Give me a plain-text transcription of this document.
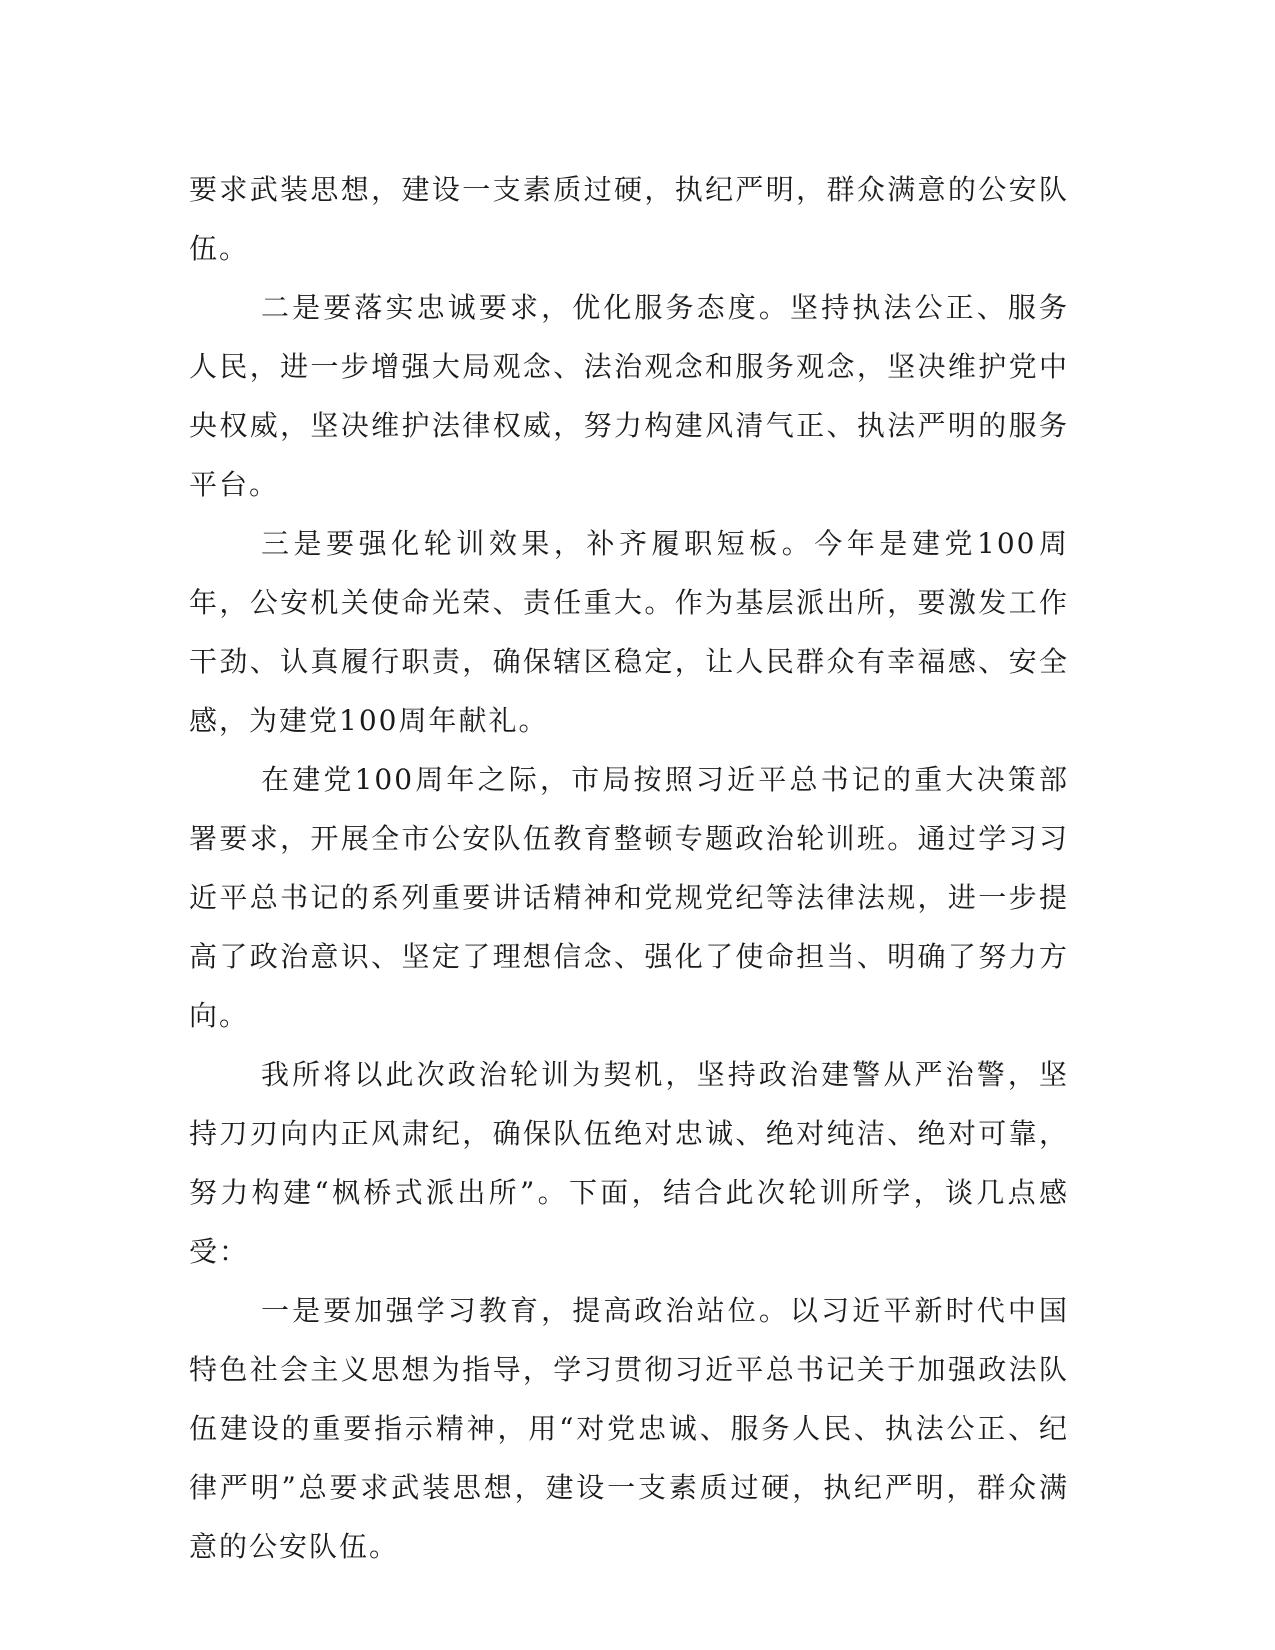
要求武装思想，建设一支素质过硬，执纪严明，群众满意的公安队伍。

二是要落实忠诚要求，优化服务态度。坚持执法公正、服务人民，进一步增强大局观念、法治观念和服务观念，坚决维护党中央权威，坚决维护法律权威，努力构建风清气正、执法严明的服务平台。

三是要强化轮训效果，补齐履职短板。今年是建党100周年，公安机关使命光荣、责任重大。作为基层派出所，要激发工作干劲、认真履行职责，确保辖区稳定，让人民群众有幸福感、安全感，为建党100周年献礼。

在建党100周年之际，市局按照习近平总书记的重大决策部署要求，开展全市公安队伍教育整顿专题政治轮训班。通过学习习近平总书记的系列重要讲话精神和党规党纪等法律法规，进一步提高了政治意识、坚定了理想信念、强化了使命担当、明确了努力方向。

我所将以此次政治轮训为契机，坚持政治建警从严治警，坚持刀刃向内正风肃纪，确保队伍绝对忠诚、绝对纯洁、绝对可靠，努力构建“枫桥式派出所”。下面，结合此次轮训所学，谈几点感受：

一是要加强学习教育，提高政治站位。以习近平新时代中国特色社会主义思想为指导，学习贯彻习近平总书记关于加强政法队伍建设的重要指示精神，用“对党忠诚、服务人民、执法公正、纪律严明”总要求武装思想，建设一支素质过硬，执纪严明，群众满意的公安队伍。
